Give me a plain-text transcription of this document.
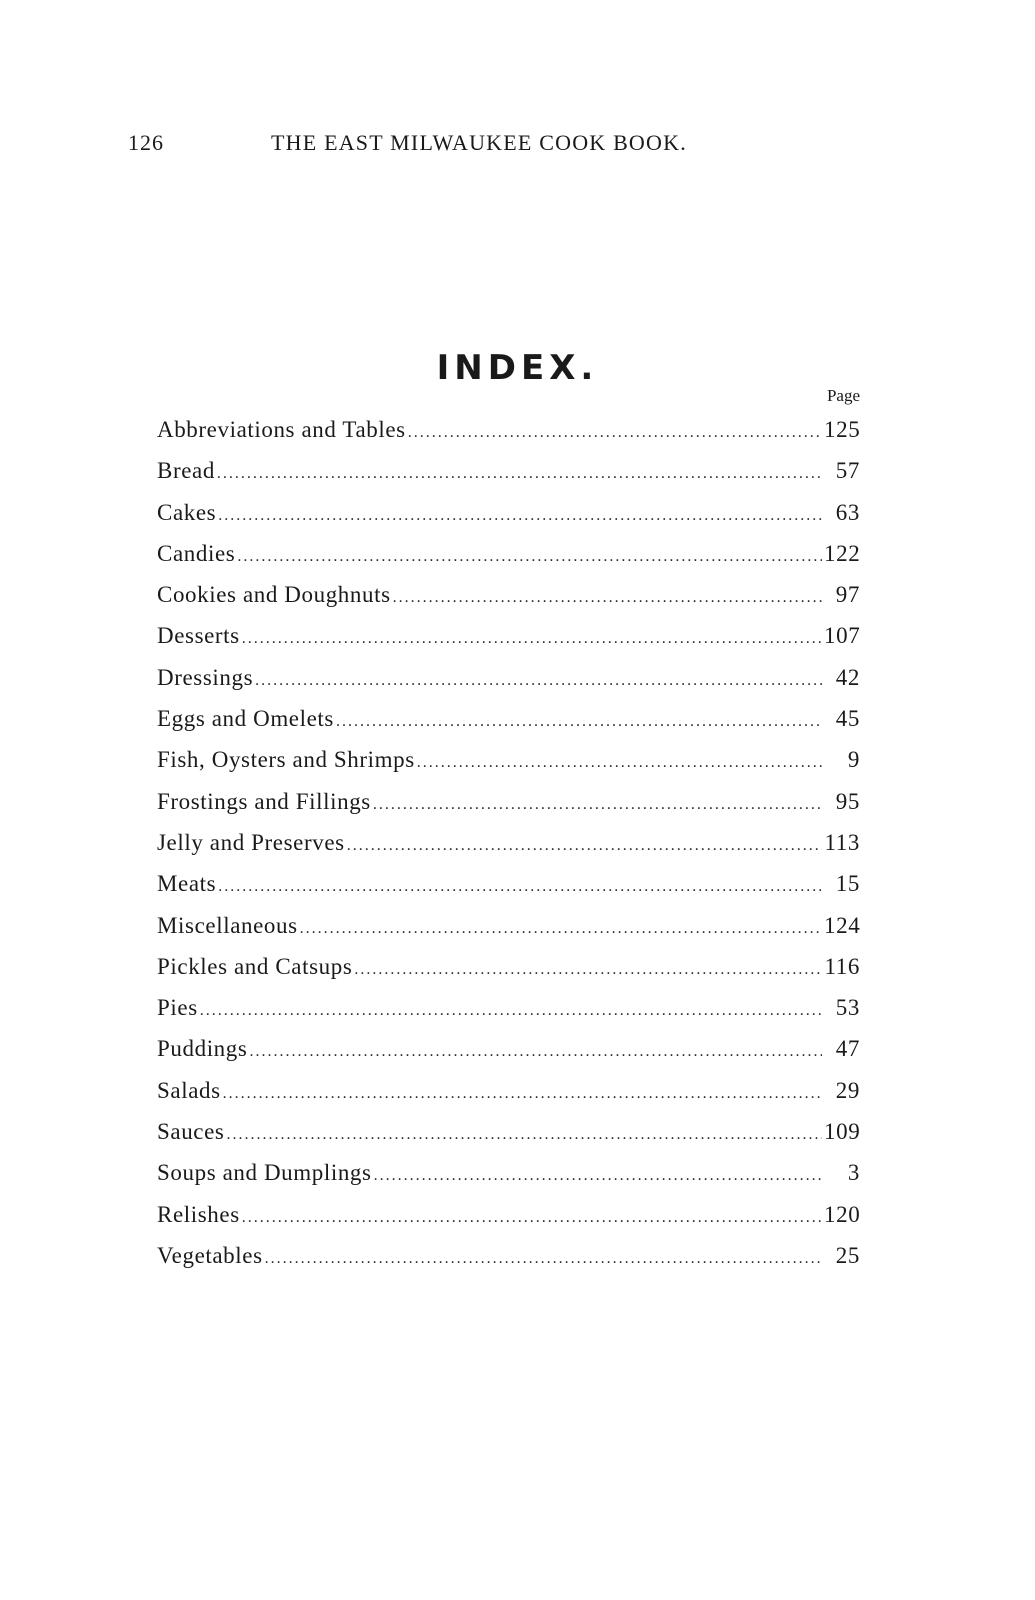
126	THE EAST MILWAUKEE COOK BOOK.
INDEX.
Page
Abbreviations and Tables .....	125
Bread .....	57
Cakes .....	63
Candies .....	122
Cookies and Doughnuts .....	97
Desserts .....	107
Dressings .....	42
Eggs and Omelets .....	45
Fish, Oysters and Shrimps .....	9
Frostings and Fillings .....	95
Jelly and Preserves .....	113
Meats .....	15
Miscellaneous .....	124
Pickles and Catsups .....	116
Pies .....	53
Puddings .....	47
Salads .....	29
Sauces .....	109
Soups and Dumplings .....	3
Relishes .....	120
Vegetables .....	25
